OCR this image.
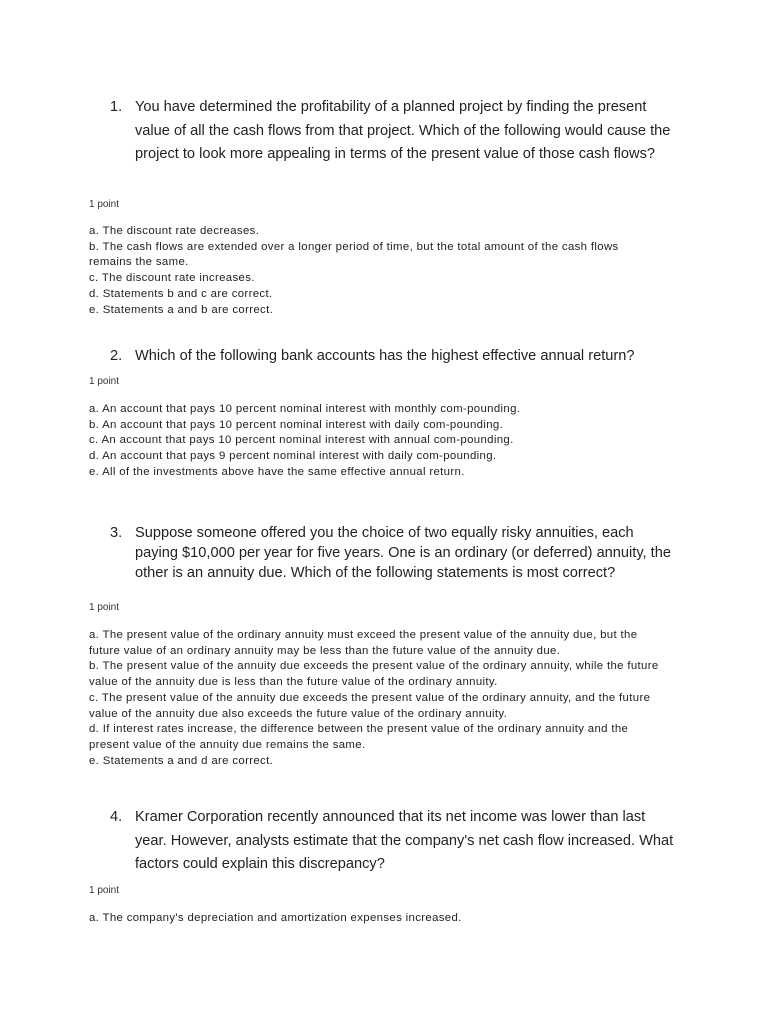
1. You have determined the profitability of a planned project by finding the present value of all the cash flows from that project. Which of the following would cause the project to look more appealing in terms of the present value of those cash flows?
1 point
a. The discount rate decreases.
b. The cash flows are extended over a longer period of time, but the total amount of the cash flows remains the same.
c. The discount rate increases.
d. Statements b and c are correct.
e. Statements a and b are correct.
2. Which of the following bank accounts has the highest effective annual return?
1 point
a. An account that pays 10 percent nominal interest with monthly com-pounding.
b. An account that pays 10 percent nominal interest with daily com-pounding.
c. An account that pays 10 percent nominal interest with annual com-pounding.
d. An account that pays 9 percent nominal interest with daily com-pounding.
e. All of the investments above have the same effective annual return.
3. Suppose someone offered you the choice of two equally risky annuities, each paying $10,000 per year for five years. One is an ordinary (or deferred) annuity, the other is an annuity due. Which of the following statements is most correct?
1 point
a. The present value of the ordinary annuity must exceed the present value of the annuity due, but the future value of an ordinary annuity may be less than the future value of the annuity due.
b. The present value of the annuity due exceeds the present value of the ordinary annuity, while the future value of the annuity due is less than the future value of the ordinary annuity.
c. The present value of the annuity due exceeds the present value of the ordinary annuity, and the future value of the annuity due also exceeds the future value of the ordinary annuity.
d. If interest rates increase, the difference between the present value of the ordinary annuity and the present value of the annuity due remains the same.
e. Statements a and d are correct.
4. Kramer Corporation recently announced that its net income was lower than last year. However, analysts estimate that the company's net cash flow increased. What factors could explain this discrepancy?
1 point
a. The company's depreciation and amortization expenses increased.
